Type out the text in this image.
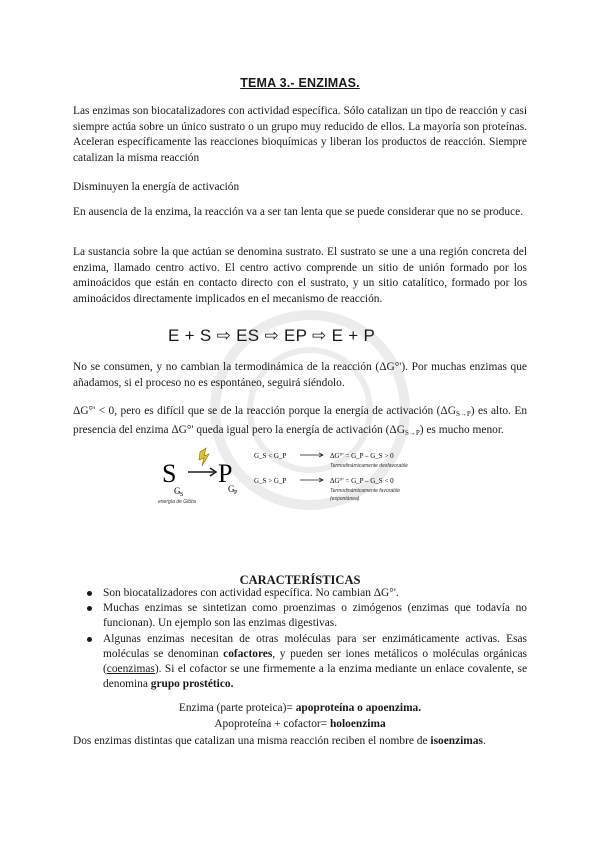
TEMA 3.- ENZIMAS.

Las enzimas son biocatalizadores con actividad específica. Sólo catalizan un tipo de reacción y casi siempre actúa sobre un único sustrato o un grupo muy reducido de ellos. La mayoría son proteínas. Aceleran específicamente las reacciones bioquímicas y liberan los productos de reacción. Siempre catalizan la misma reacción

Disminuyen la energía de activación

En ausencia de la enzima, la reacción va a ser tan lenta que se puede considerar que no se produce.

La sustancia sobre la que actúan se denomina sustrato. El sustrato se une a una región concreta del enzima, llamado centro activo. El centro activo comprende un sitio de unión formado por los aminoácidos que están en contacto directo con el sustrato, y un sitio catalítico, formado por los aminoácidos directamente implicados en el mecanismo de reacción.

E + S ⇨ ES ⇨ EP ⇨ E + P

No se consumen, y no cambian la termodinámica de la reacción (ΔG°'). Por muchas enzimas que añadamos, si el proceso no es espontáneo, seguirá siéndolo.

ΔG°' < 0, pero es difícil que se de la reacción porque la energía de activación $(\Delta G_{S\to P})$ es alto. En presencia del enzima ΔG°' queda igual pero la energía de activación $(\Delta G_{S\to P})$ es mucho menor.

S P
G S
G P
energía de Gibbs
G_S < G_P	ΔG°' = G_P – G_S > 0
Termodinámicamente desfavorable
G_S > G_P	ΔG°' = G_P – G_S < 0
Termodinámicamente favorable
(espontánea)
CARACTERÍSTICAS
Son biocatalizadores con actividad específica. No cambian ΔG°'.
Muchas enzimas se sintetizan como proenzimas o zimógenos (enzimas que todavía no funcionan). Un ejemplo son las enzimas digestivas.
Algunas enzimas necesitan de otras moléculas para ser enzimáticamente activas. Esas moléculas se denominan cofactores, y pueden ser iones metálicos o moléculas orgánicas (coenzimas). Si el cofactor se une firmemente a la enzima mediante un enlace covalente, se denomina grupo prostético.
Enzima (parte proteica)= apoproteína o apoenzima.
Apoproteína + cofactor= holoenzima

Dos enzimas distintas que catalizan una misma reacción reciben el nombre de isoenzimas.
